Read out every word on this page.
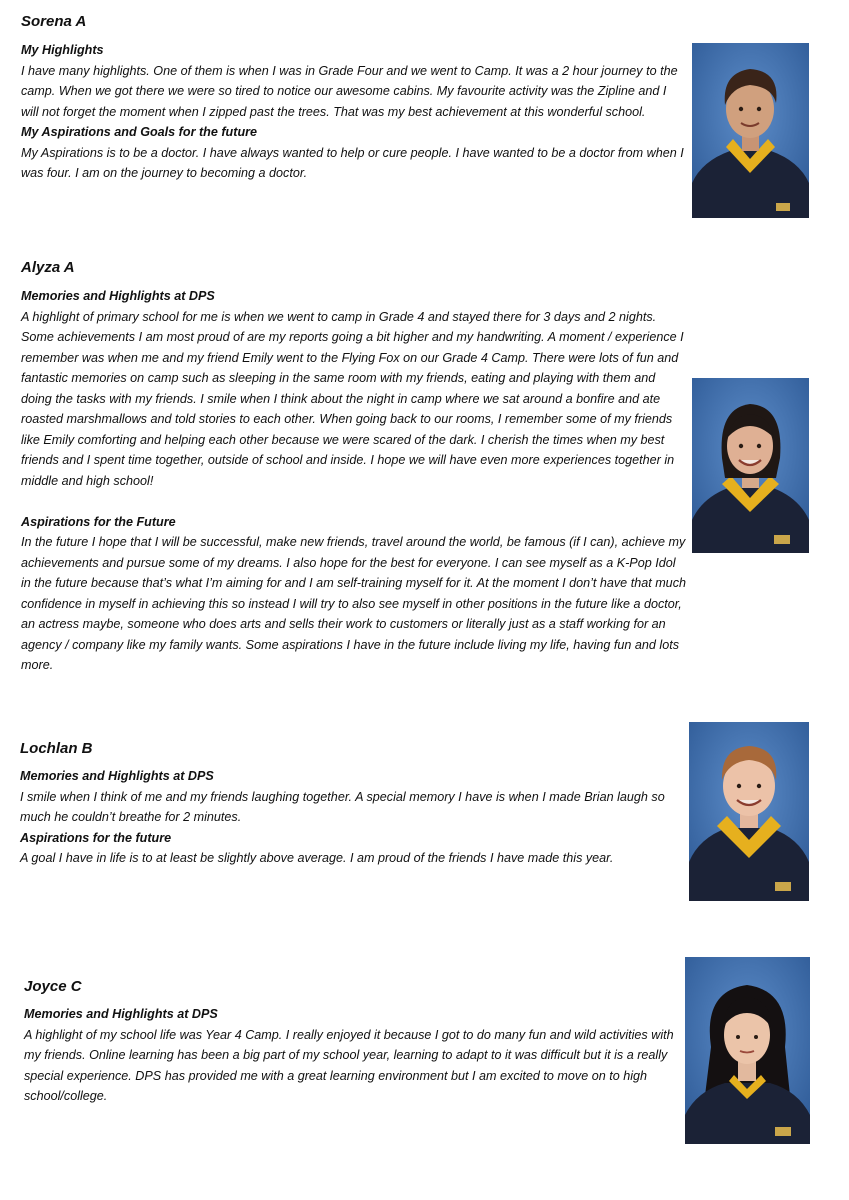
Sorena A
My Highlights
I have many highlights. One of them is when I was in Grade Four and we went to Camp. It was a 2 hour journey to the camp. When we got there we were so tired to notice our awesome cabins. My favourite activity was the Zipline and I will not forget the moment when I zipped past the trees. That was my best achievement at this wonderful school.
My Aspirations and Goals for the future
My Aspirations is to be a doctor. I have always wanted to help or cure people. I have wanted to be a doctor from when I was four. I am on the journey to becoming a doctor.
Alyza A
Memories and Highlights at DPS
A highlight of primary school for me is when we went to camp in Grade 4 and stayed there for 3 days and 2 nights. Some achievements I am most proud of are my reports going a bit higher and my handwriting. A moment / experience I remember was when me and my friend Emily went to the Flying Fox on our Grade 4 Camp. There were lots of fun and fantastic memories on camp such as sleeping in the same room with my friends, eating and playing with them and doing the tasks with my friends. I smile when I think about the night in camp where we sat around a bonfire and ate roasted marshmallows and told stories to each other. When going back to our rooms, I remember some of my friends like Emily comforting and helping each other because we were scared of the dark. I cherish the times when my best friends and I spent time together, outside of school and inside. I hope we will have even more experiences together in middle and high school!
Aspirations for the Future
In the future I hope that I will be successful, make new friends, travel around the world, be famous (if I can), achieve my achievements and pursue some of my dreams. I also hope for the best for everyone. I can see myself as a K-Pop Idol in the future because that’s what I’m aiming for and I am self-training myself for it. At the moment I don’t have that much confidence in myself in achieving this so instead I will try to also see myself in other positions in the future like a doctor, an actress maybe, someone who does arts and sells their work to customers or literally just as a staff working for an agency / company like my family wants. Some aspirations I have in the future include living my life, having fun and lots more.
Lochlan B
Memories and Highlights at DPS
I smile when I think of me and my friends laughing together. A special memory I have is when I made Brian laugh so much he couldn’t breathe for 2 minutes.
Aspirations for the future
A goal I have in life is to at least be slightly above average. I am proud of the friends I have made this year.
Joyce C
Memories and Highlights at DPS
A highlight of my school life was Year 4 Camp. I really enjoyed it because I got to do many fun and wild activities with my friends. Online learning has been a big part of my school year, learning to adapt to it was difficult but it is a really special experience. DPS has provided me with a great learning environment but I am excited to move on to high school/college.
